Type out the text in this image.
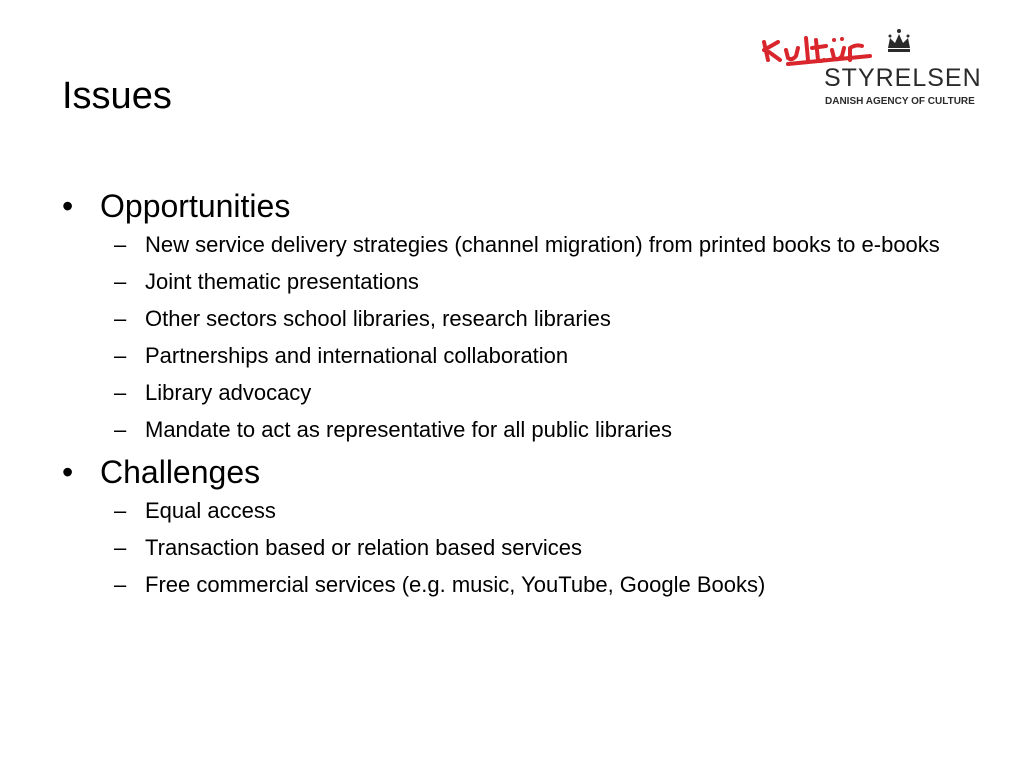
Issues	STYRELSEN
DANISH AGENCY OF CULTURE
• Opportunities
– New service delivery strategies (channel migration) from printed books to e-books
– Joint thematic presentations
– Other sectors school libraries, research libraries
– Partnerships and international collaboration
– Library advocacy
– Mandate to act as representative for all public libraries
• Challenges
– Equal access
– Transaction based or relation based services
– Free commercial services (e.g. music, YouTube, Google Books)
